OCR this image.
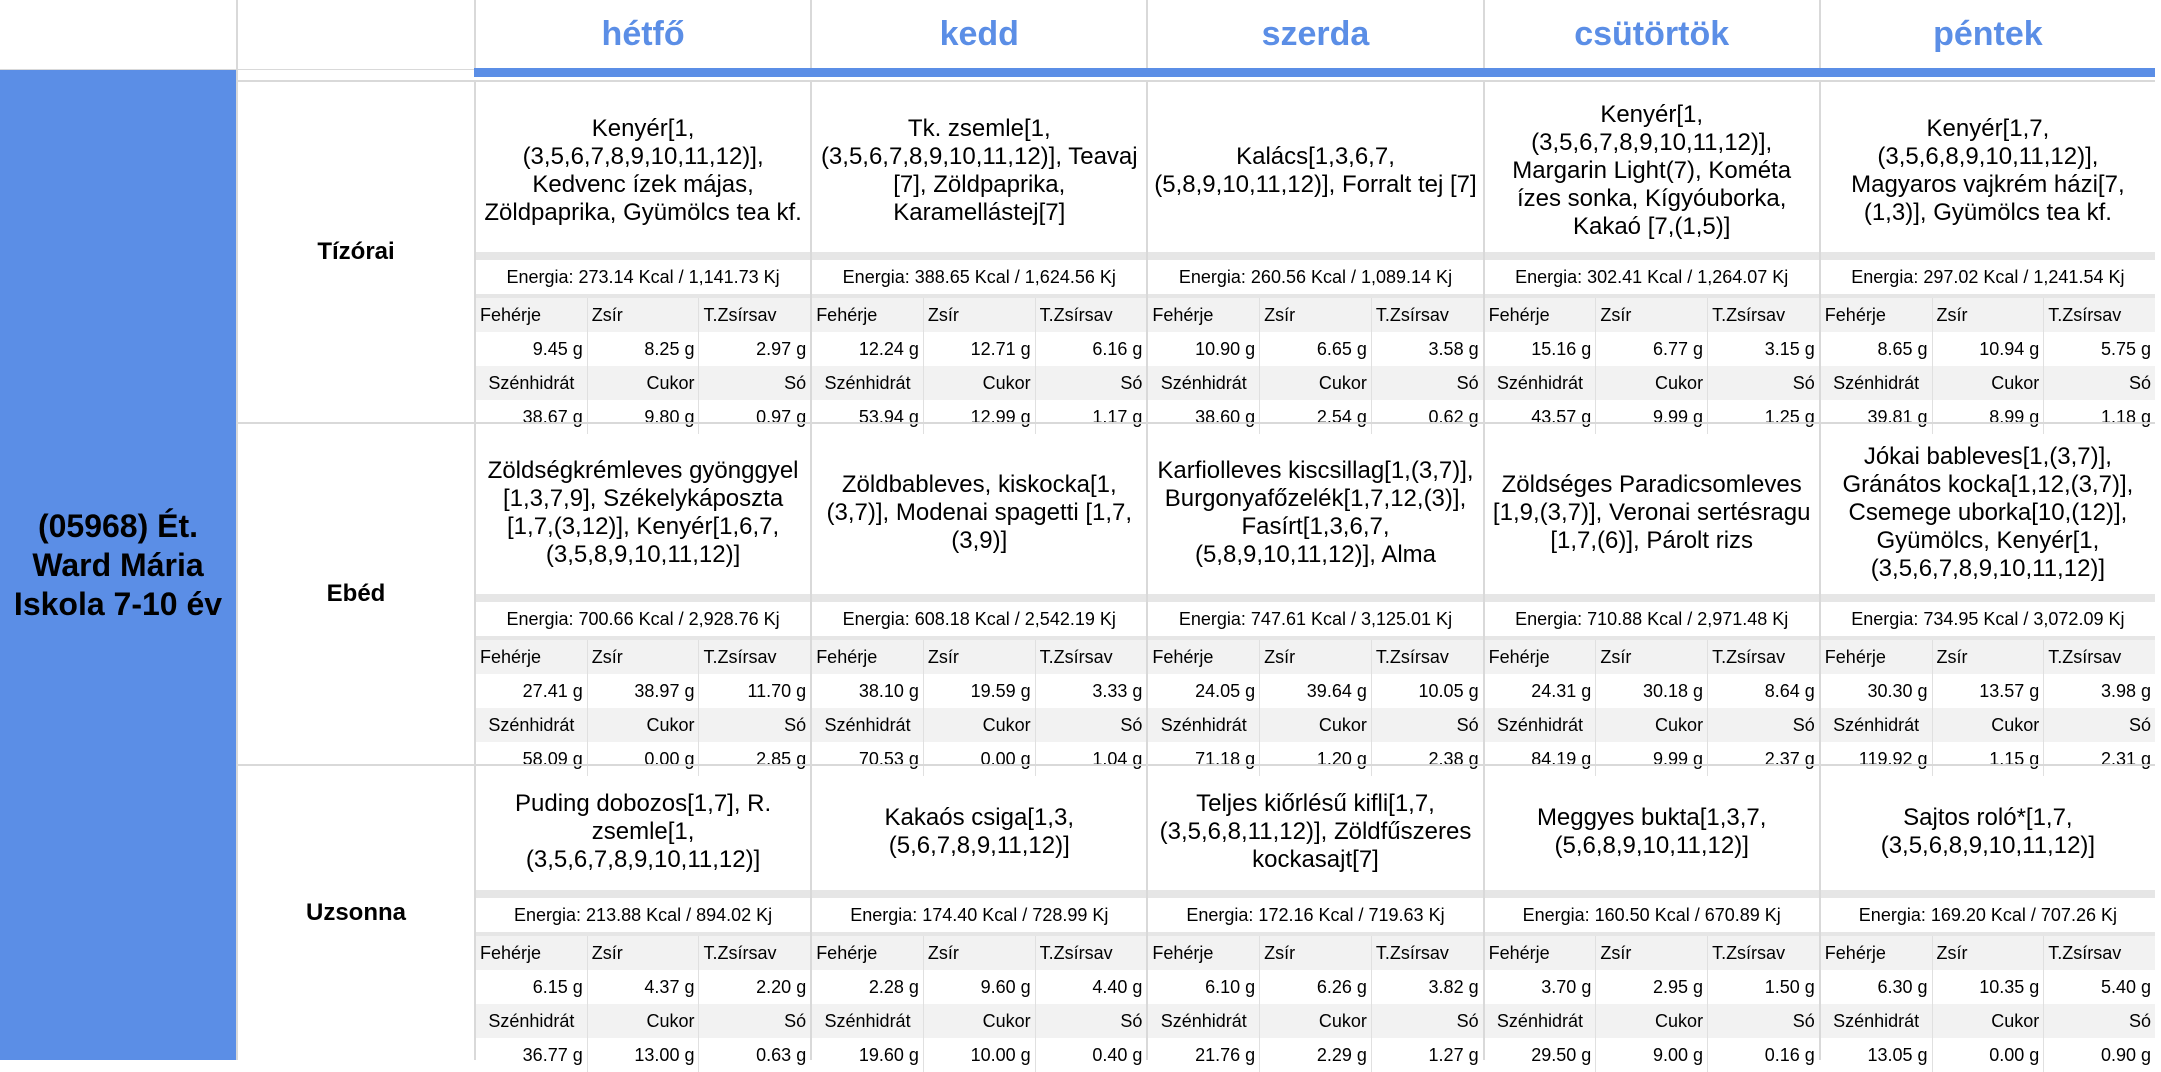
(05968) Ét. Ward Mária Iskola 7-10 év
hétfő	kedd	szerda	csütörtök	péntek
Tízórai
Kenyér[1,(3,5,6,7,8,9,10,11,12)], Kedvenc ízek májas, Zöldpaprika, Gyümölcs tea kf.
Energia: 273.14 Kcal / 1,141.73 Kj
Fehérje	Zsír	T.Zsírsav
9.45 g	8.25 g	2.97 g
Szénhidrát	Cukor	Só
38.67 g	9.80 g	0.97 g
Tk. zsemle[1,(3,5,6,7,8,9,10,11,12)], Teavaj [7], Zöldpaprika, Karamellástej[7]
Energia: 388.65 Kcal / 1,624.56 Kj
Fehérje	Zsír	T.Zsírsav
12.24 g	12.71 g	6.16 g
Szénhidrát	Cukor	Só
53.94 g	12.99 g	1.17 g
Kalács[1,3,6,7,(5,8,9,10,11,12)], Forralt tej [7]
Energia: 260.56 Kcal / 1,089.14 Kj
Fehérje	Zsír	T.Zsírsav
10.90 g	6.65 g	3.58 g
Szénhidrát	Cukor	Só
38.60 g	2.54 g	0.62 g
Kenyér[1,(3,5,6,7,8,9,10,11,12)], Margarin Light(7), Kométa ízes sonka, Kígyóuborka, Kakaó [7,(1,5)]
Energia: 302.41 Kcal / 1,264.07 Kj
Fehérje	Zsír	T.Zsírsav
15.16 g	6.77 g	3.15 g
Szénhidrát	Cukor	Só
43.57 g	9.99 g	1.25 g
Kenyér[1,7,(3,5,6,8,9,10,11,12)], Magyaros vajkrém házi[7,(1,3)], Gyümölcs tea kf.
Energia: 297.02 Kcal / 1,241.54 Kj
Fehérje	Zsír	T.Zsírsav
8.65 g	10.94 g	5.75 g
Szénhidrát	Cukor	Só
39.81 g	8.99 g	1.18 g
Ebéd
Zöldségkrémleves gyönggyel [1,3,7,9], Székelykáposzta [1,7,(3,12)], Kenyér[1,6,7,(3,5,8,9,10,11,12)]
Energia: 700.66 Kcal / 2,928.76 Kj
Fehérje	Zsír	T.Zsírsav
27.41 g	38.97 g	11.70 g
Szénhidrát	Cukor	Só
58.09 g	0.00 g	2.85 g
Zöldbableves, kiskocka[1,(3,7)], Modenai spagetti [1,7,(3,9)]
Energia: 608.18 Kcal / 2,542.19 Kj
Fehérje	Zsír	T.Zsírsav
38.10 g	19.59 g	3.33 g
Szénhidrát	Cukor	Só
70.53 g	0.00 g	1.04 g
Karfiolleves kiscsillag[1,(3,7)], Burgonyafőzelék[1,7,12,(3)], Fasírt[1,3,6,7,(5,8,9,10,11,12)], Alma
Energia: 747.61 Kcal / 3,125.01 Kj
Fehérje	Zsír	T.Zsírsav
24.05 g	39.64 g	10.05 g
Szénhidrát	Cukor	Só
71.18 g	1.20 g	2.38 g
Zöldséges Paradicsomleves [1,9,(3,7)], Veronai sertésragu [1,7,(6)], Párolt rizs
Energia: 710.88 Kcal / 2,971.48 Kj
Fehérje	Zsír	T.Zsírsav
24.31 g	30.18 g	8.64 g
Szénhidrát	Cukor	Só
84.19 g	9.99 g	2.37 g
Jókai bableves[1,(3,7)], Gránátos kocka[1,12,(3,7)], Csemege uborka[10,(12)], Gyümölcs, Kenyér[1,(3,5,6,7,8,9,10,11,12)]
Energia: 734.95 Kcal / 3,072.09 Kj
Fehérje	Zsír	T.Zsírsav
30.30 g	13.57 g	3.98 g
Szénhidrát	Cukor	Só
119.92 g	1.15 g	2.31 g
Uzsonna
Puding dobozos[1,7], R. zsemle[1,(3,5,6,7,8,9,10,11,12)]
Energia: 213.88 Kcal / 894.02 Kj
Fehérje	Zsír	T.Zsírsav
6.15 g	4.37 g	2.20 g
Szénhidrát	Cukor	Só
36.77 g	13.00 g	0.63 g
Kakaós csiga[1,3,(5,6,7,8,9,11,12)]
Energia: 174.40 Kcal / 728.99 Kj
Fehérje	Zsír	T.Zsírsav
2.28 g	9.60 g	4.40 g
Szénhidrát	Cukor	Só
19.60 g	10.00 g	0.40 g
Teljes kiőrlésű kifli[1,7,(3,5,6,8,11,12)], Zöldfűszeres kockasajt[7]
Energia: 172.16 Kcal / 719.63 Kj
Fehérje	Zsír	T.Zsírsav
6.10 g	6.26 g	3.82 g
Szénhidrát	Cukor	Só
21.76 g	2.29 g	1.27 g
Meggyes bukta[1,3,7,(5,6,8,9,10,11,12)]
Energia: 160.50 Kcal / 670.89 Kj
Fehérje	Zsír	T.Zsírsav
3.70 g	2.95 g	1.50 g
Szénhidrát	Cukor	Só
29.50 g	9.00 g	0.16 g
Sajtos roló*[1,7,(3,5,6,8,9,10,11,12)]
Energia: 169.20 Kcal / 707.26 Kj
Fehérje	Zsír	T.Zsírsav
6.30 g	10.35 g	5.40 g
Szénhidrát	Cukor	Só
13.05 g	0.00 g	0.90 g
